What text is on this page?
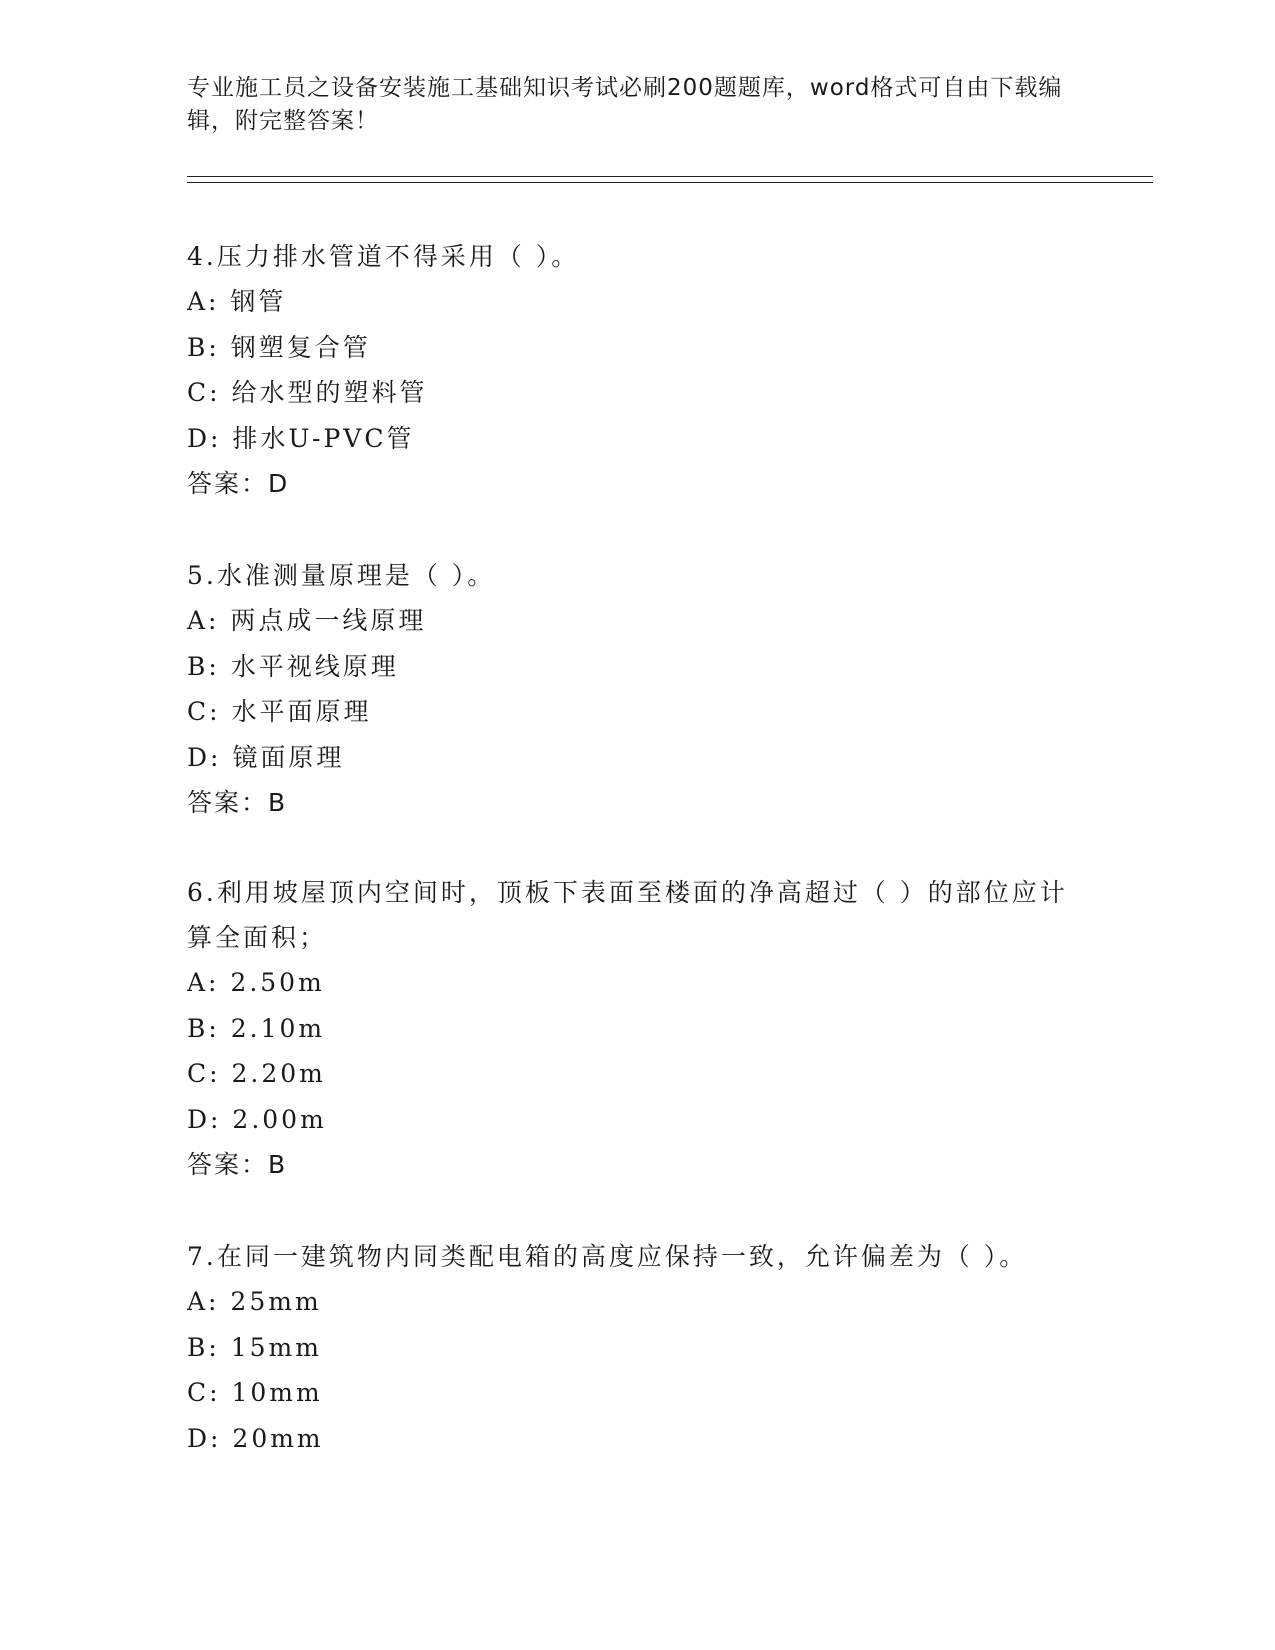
专业施工员之设备安装施工基础知识考试必刷200题题库，word格式可自由下载编辑，附完整答案！

4.压力排水管道不得采用（ ）。

A: 钢管

B: 钢塑复合管

C: 给水型的塑料管

D: 排水U-PVC管

答案：D

5.水准测量原理是（ ）。

A: 两点成一线原理

B: 水平视线原理

C: 水平面原理

D: 镜面原理

答案：B

6.利用坡屋顶内空间时，顶板下表面至楼面的净高超过（ ）的部位应计算全面积；

A: 2.50m

B: 2.10m

C: 2.20m

D: 2.00m

答案：B

7.在同一建筑物内同类配电箱的高度应保持一致，允许偏差为（ ）。

A: 25mm

B: 15mm

C: 10mm

D: 20mm
